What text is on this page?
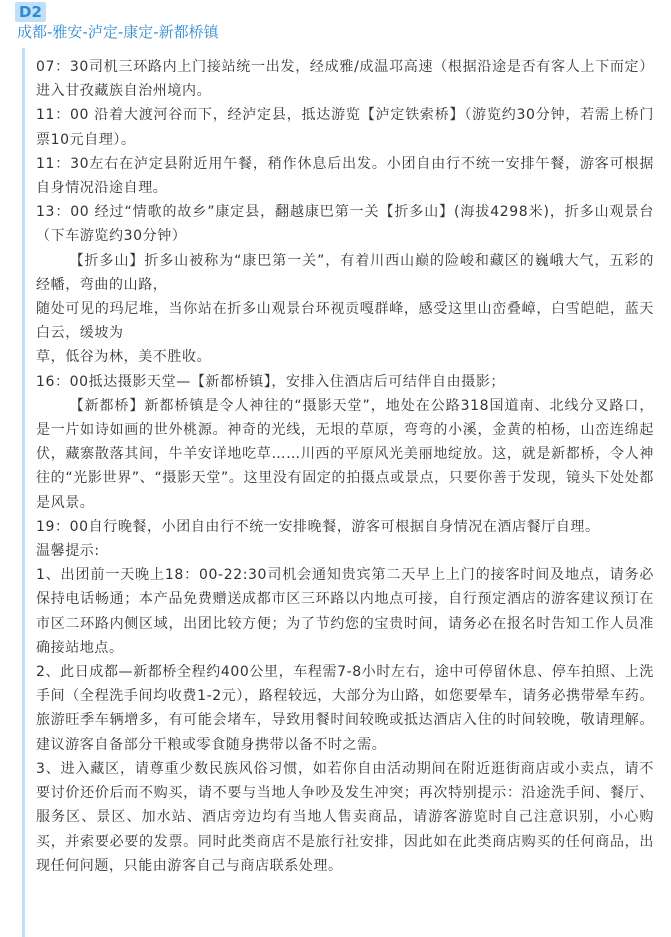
D2
成都-雅安-泸定-康定-新都桥镇

07：30司机三环路内上门接站统一出发，经成雅/成温邛高速（根据沿途是否有客人上下而定）进入甘孜藏族自治州境内。

11：00 沿着大渡河谷而下，经泸定县，抵达游览【泸定铁索桥】（游览约30分钟，若需上桥门票10元自理）。

11：30左右在泸定县附近用午餐，稍作休息后出发。小团自由行不统一安排午餐，游客可根据自身情况沿途自理。

13：00 经过“情歌的故乡”康定县，翻越康巴第一关【折多山】(海拔4298米)，折多山观景台（下车游览约30分钟）

【折多山】折多山被称为“康巴第一关”，有着川西山巅的险峻和藏区的巍峨大气，五彩的经幡，弯曲的山路，

随处可见的玛尼堆，当你站在折多山观景台环视贡嘎群峰，感受这里山峦叠嶂，白雪皑皑，蓝天白云，缓坡为

草，低谷为林，美不胜收。

16：00抵达摄影天堂—【新都桥镇】，安排入住酒店后可结伴自由摄影；

【新都桥】新都桥镇是令人神往的“摄影天堂”，地处在公路318国道南、北线分叉路口，是一片如诗如画的世外桃源。神奇的光线，无垠的草原，弯弯的小溪，金黄的柏杨，山峦连绵起伏，藏寨散落其间，牛羊安详地吃草……川西的平原风光美丽地绽放。这，就是新都桥，令人神往的“光影世界”、“摄影天堂”。这里没有固定的拍摄点或景点，只要你善于发现，镜头下处处都是风景。

19：00自行晚餐，小团自由行不统一安排晚餐，游客可根据自身情况在酒店餐厅自理。

温馨提示:

1、出团前一天晚上18：00-22:30司机会通知贵宾第二天早上上门的接客时间及地点，请务必保持电话畅通；本产品免费赠送成都市区三环路以内地点可接，自行预定酒店的游客建议预订在市区二环路内侧区域，出团比较方便；为了节约您的宝贵时间，请务必在报名时告知工作人员准确接站地点。

2、此日成都—新都桥全程约400公里，车程需7-8小时左右，途中可停留休息、停车拍照、上洗手间（全程洗手间均收费1-2元），路程较远，大部分为山路，如您要晕车，请务必携带晕车药。旅游旺季车辆增多，有可能会堵车，导致用餐时间较晚或抵达酒店入住的时间较晚，敬请理解。建议游客自备部分干粮或零食随身携带以备不时之需。

3、进入藏区，请尊重少数民族风俗习惯，如若你自由活动期间在附近逛街商店或小卖点，请不要讨价还价后而不购买，请不要与当地人争吵及发生冲突；再次特别提示：沿途洗手间、餐厅、服务区、景区、加水站、酒店旁边均有当地人售卖商品，请游客游览时自己注意识别，小心购买，并索要必要的发票。同时此类商店不是旅行社安排，因此如在此类商店购买的任何商品，出现任何问题，只能由游客自己与商店联系处理。
